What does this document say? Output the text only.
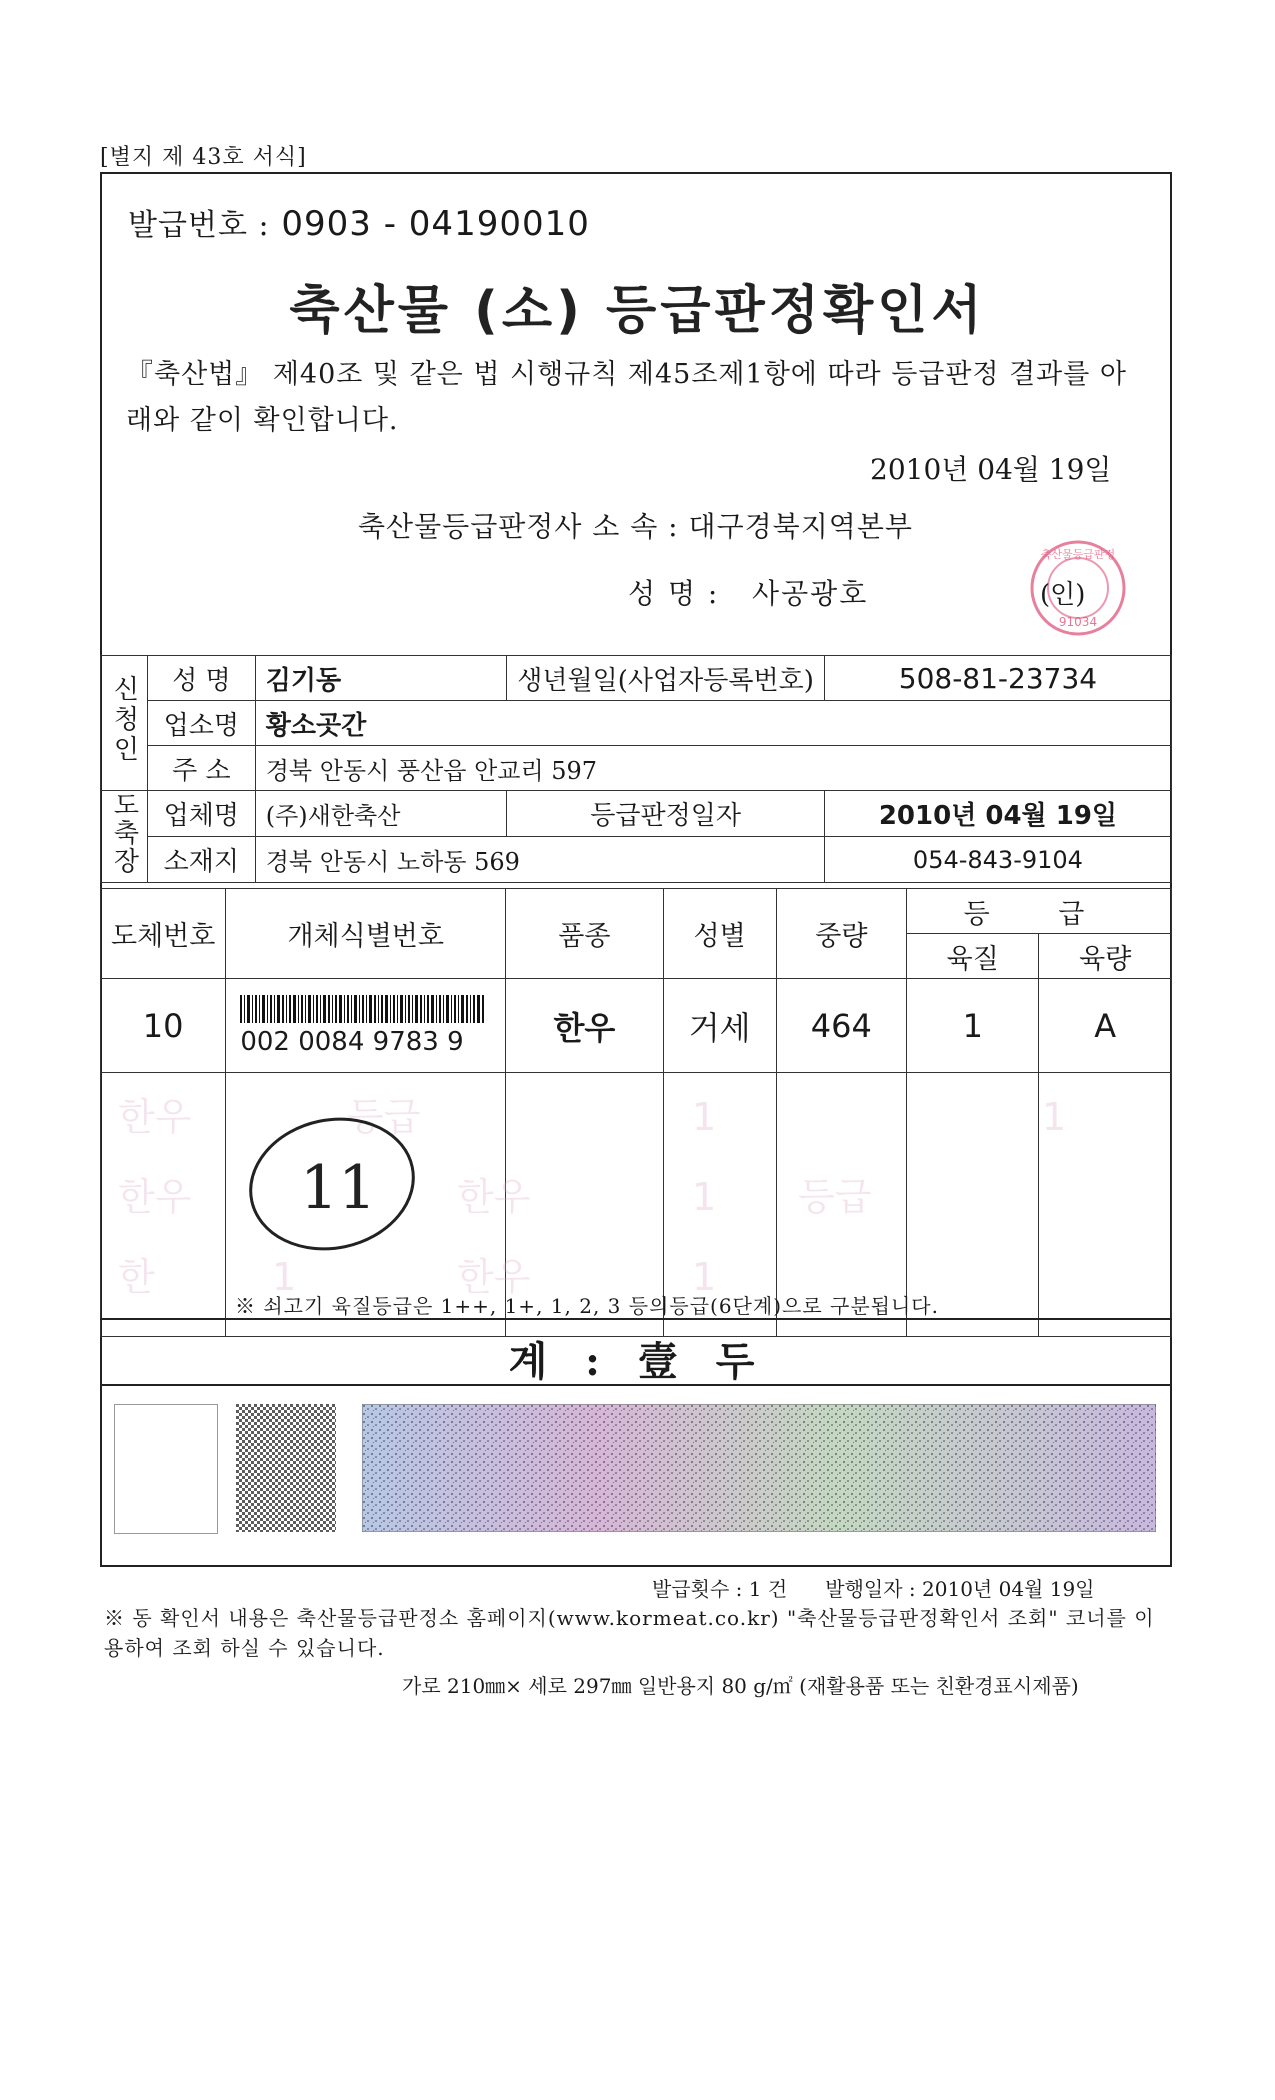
[별지 제 43호 서식]
발급번호 : 0903 - 04190010
축산물 (소) 등급판정확인서
『축산법』 제40조 및 같은 법 시행규칙 제45조제1항에 따라 등급판정 결과를 아래와 같이 확인합니다.
2010년 04월 19일
축산물등급판정사 소 속 : 대구경북지역본부
성 명 : 사공광호
축산물등급판정
91034
(인)
신청인	성 명	김기동	생년월일(사업자등록번호)	508-81-23734
	업소명	황소곳간		
	주 소	경북 안동시 풍산읍 안교리 597		
도축장	업체명	(주)새한축산	등급판정일자	2010년 04월 19일
	소재지	경북 안동시 노하동 569		054-843-9104
도체번호	개체식별번호	품종	성별	중량	등 급	
					육질	육량
10	002 0084 9783 9	한우	거세	464	1	A

한우	등급	1	1
한우	한우	1 등급
한	1	한우	1
11
※ 쇠고기 육질등급은 1++, 1+, 1, 2, 3 등의등급(6단계)으로 구분됩니다.
계 : 壹 두
발급횟수 : 1 건 발행일자 : 2010년 04월 19일
※ 동 확인서 내용은 축산물등급판정소 홈페이지(www.kormeat.co.kr) "축산물등급판정확인서 조회" 코너를 이용하여 조회 하실 수 있습니다.
가로 210㎜× 세로 297㎜ 일반용지 80 g/㎡ (재활용품 또는 친환경표시제품)
